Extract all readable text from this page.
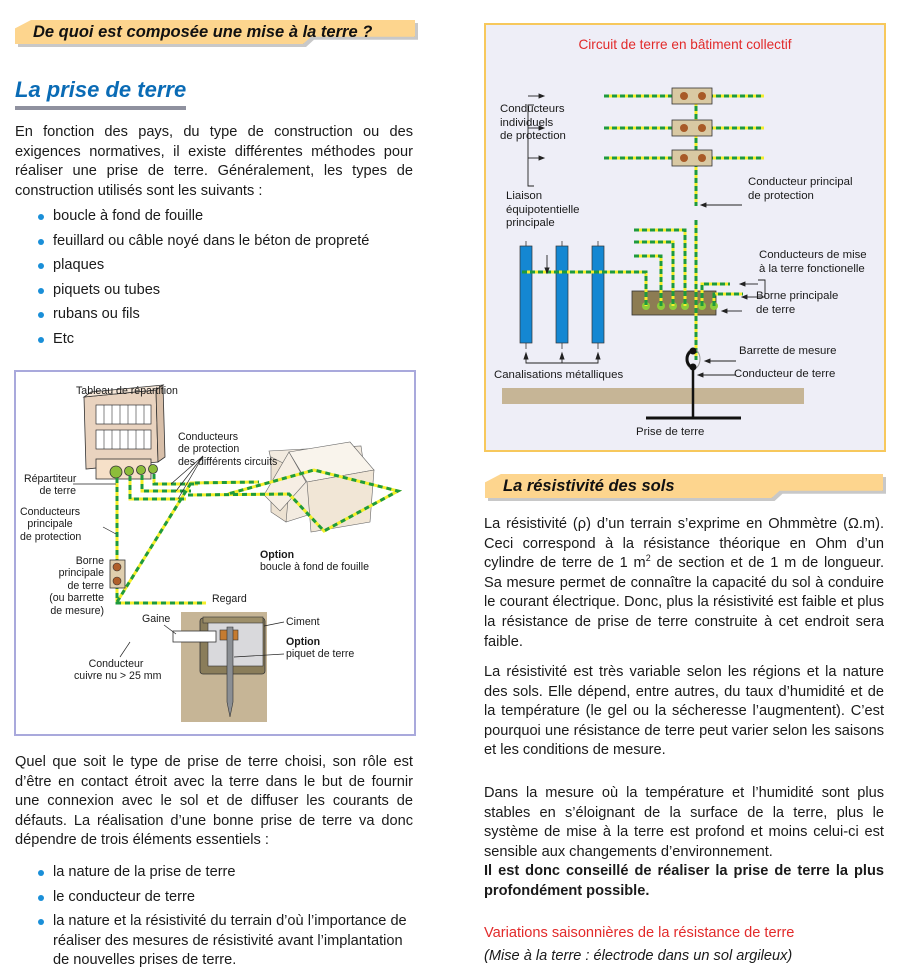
De quoi est composée une mise à la terre ?
La prise de terre
En fonction des pays, du type de construction ou des exigences normatives, il existe différentes méthodes pour réaliser une prise de terre. Généralement, les types de construction utilisés sont les suivants :
boucle à fond de fouille
feuillard ou câble noyé dans le béton de propreté
plaques
piquets ou tubes
rubans ou fils
Etc
Tableau de répartition
Conducteurs
de protection
des différents circuits
Répartiteur
de terre
Conducteurs
principale
de protection
Borne
principale
de terre
(ou barrette
de mesure)
Option
boucle à fond de fouille
Regard
Gaine	Ciment
Option
piquet de terre
Conducteur
cuivre nu > 25 mm
Quel que soit le type de prise de terre choisi, son rôle est d’être en contact étroit avec la terre dans le but de fournir une connexion avec le sol et de diffuser les courants de défauts. La réalisation d’une bonne prise de terre va donc dépendre de trois éléments essentiels :
la nature de la prise de terre
le conducteur de terre
la nature et la résistivité du terrain d’où l’importance de réaliser des mesures de résistivité avant l’implantation de nouvelles prises de terre.
Circuit de terre en bâtiment collectif
Conducteurs
individuels
de protection
Conducteur principal
de protection
Liaison
équipotentielle
principale
Conducteurs de mise
à la terre fonctionelle
Borne principale
de terre
Barrette de mesure
Conducteur de terre
Canalisations métalliques
Prise de terre
La résistivité des sols
La résistivité (ρ) d’un terrain s’exprime en Ohmmètre (Ω.m). Ceci correspond à la résistance théorique en Ohm d’un cylindre de terre de 1 $m^2$ de section et de 1 m de longueur. Sa mesure permet de connaître la capacité du sol à conduire le courant électrique. Donc, plus la résistivité est faible et plus la résistance de prise de terre construite à cet endroit sera faible.
La résistivité est très variable selon les régions et la nature des sols. Elle dépend, entre autres, du taux d’humidité et de la température (le gel ou la sécheresse l’augmentent). C’est pourquoi une résistance de terre peut varier selon les saisons et les conditions de mesure.
Dans la mesure où la température et l’humidité sont plus stables en s’éloignant de la surface de la terre, plus le système de mise à la terre est profond et moins celui-ci est sensible aux changements d’environnement.
Il est donc conseillé de réaliser la prise de terre la plus profondément possible.
Variations saisonnières de la résistance de terre
(Mise à la terre : électrode dans un sol argileux)
